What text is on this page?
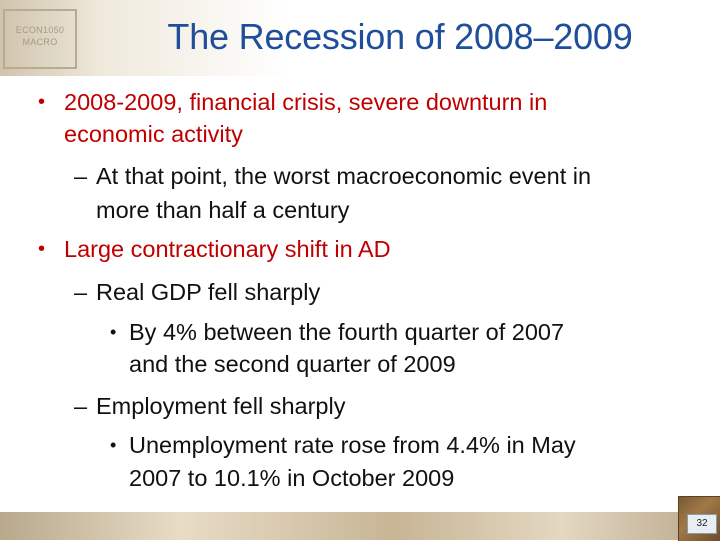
ECON1050
MACRO	The Recession of 2008–2009
• 2008-2009, financial crisis, severe downturn in
economic activity
– At that point, the worst macroeconomic event in
more than half a century
• Large contractionary shift in AD
– Real GDP fell sharply
• By 4% between the fourth quarter of 2007
and the second quarter of 2009
– Employment fell sharply
• Unemployment rate rose from 4.4% in May
2007 to 10.1% in October 2009
32
